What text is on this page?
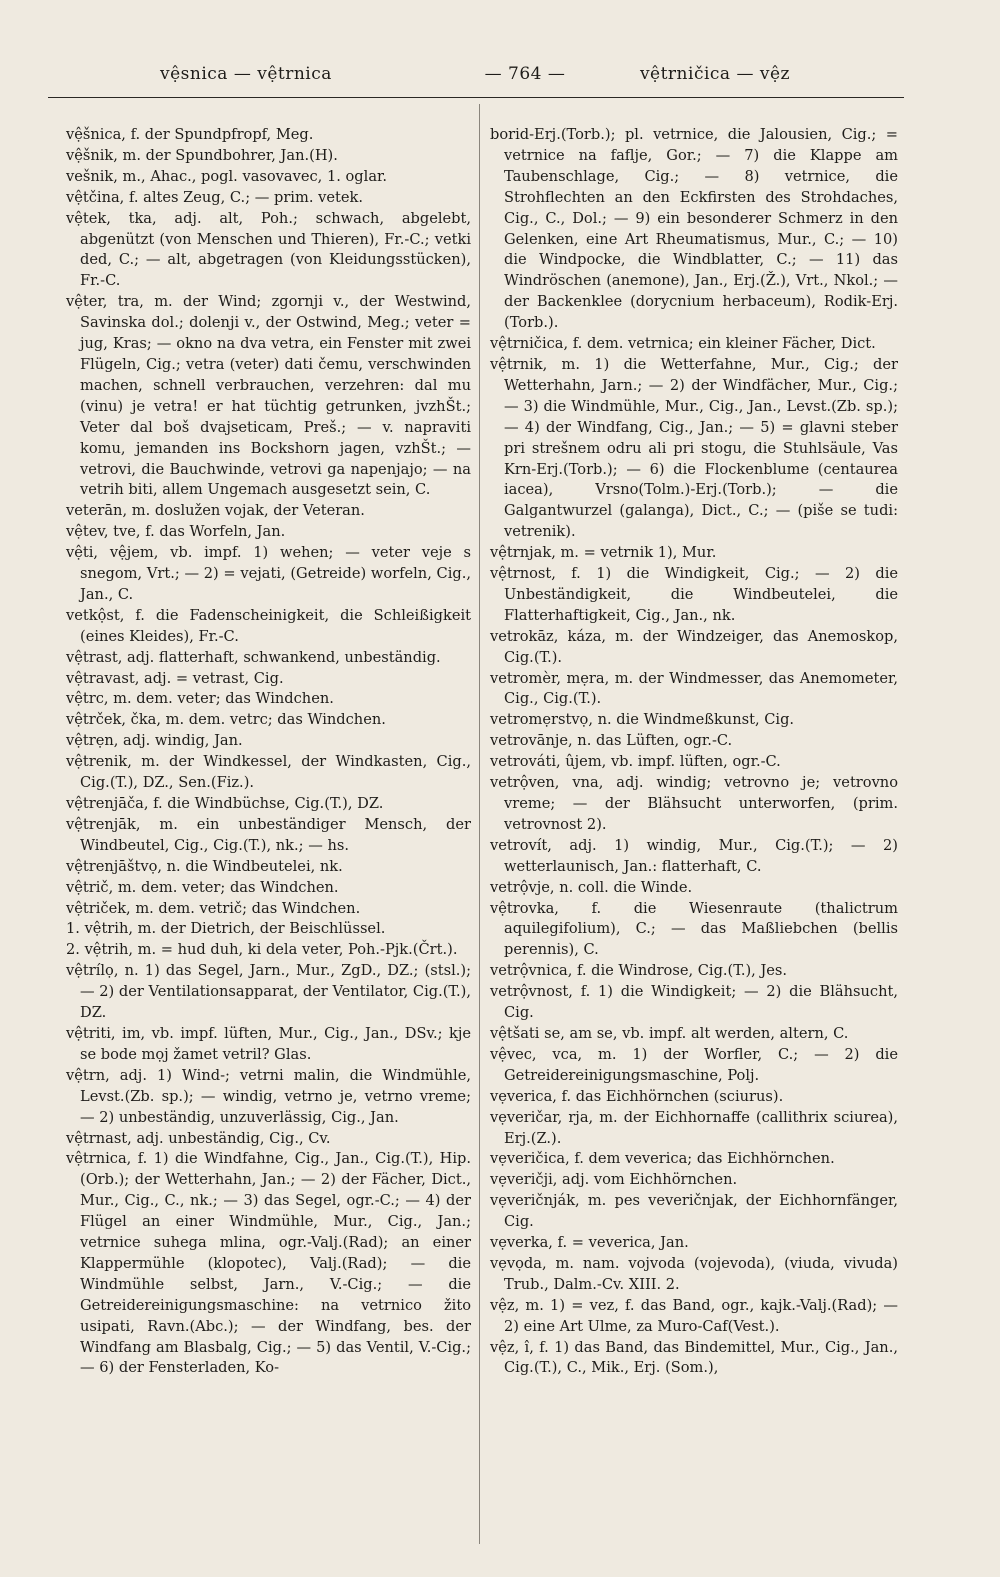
vệsnica — vệtrnica	— 764 —	vệtrničica — vệz

vệšnica, f. der Spundpfropf, Meg.

vệšnik, m. der Spundbohrer, Jan.(H).

vešnik, m., Ahac., pogl. vasovavec, 1. oglar.

vệtčina, f. altes Zeug, C.; — prim. vetek.

vệtek, tka, adj. alt, Poh.; schwach, abgelebt, abgenützt (von Menschen und Thieren), Fr.-C.; vetki ded, C.; — alt, abgetragen (von Kleidungsstücken), Fr.-C.

vệter, tra, m. der Wind; zgornji v., der Westwind, Savinska dol.; dolenji v., der Ostwind, Meg.; veter = jug, Kras; — okno na dva vetra, ein Fenster mit zwei Flügeln, Cig.; vetra (veter) dati čemu, verschwinden machen, schnell verbrauchen, verzehren: dal mu (vinu) je vetra! er hat tüchtig getrunken, jvzhŠt.; Veter dal boš dvajseticam, Preš.; — v. napraviti komu, jemanden ins Bockshorn jagen, vzhŠt.; — vetrovi, die Bauchwinde, vetrovi ga napenjajo; — na vetrih biti, allem Ungemach ausgesetzt sein, C.

veterān, m. doslužen vojak, der Veteran.

vệtev, tve, f. das Worfeln, Jan.

vệti, vệjem, vb. impf. 1) wehen; — veter veje s snegom, Vrt.; — 2) = vejati, (Getreide) worfeln, Cig., Jan., C.

vetkộst, f. die Fadenscheinigkeit, die Schleißigkeit (eines Kleides), Fr.-C.

vệtrast, adj. flatterhaft, schwankend, unbeständig.

vệtravast, adj. = vetrast, Cig.

vệtrc, m. dem. veter; das Windchen.

vệtrček, čka, m. dem. vetrc; das Windchen.

vệtrẹn, adj. windig, Jan.

vệtrenik, m. der Windkessel, der Windkasten, Cig., Cig.(T.), DZ., Sen.(Fiz.).

vệtrenjāča, f. die Windbüchse, Cig.(T.), DZ.

vệtrenjāk, m. ein unbeständiger Mensch, der Windbeutel, Cig., Cig.(T.), nk.; — hs.

vệtrenjāštvọ, n. die Windbeutelei, nk.

vệtrič, m. dem. veter; das Windchen.

vệtriček, m. dem. vetrič; das Windchen.

1. vệtrih, m. der Dietrich, der Beischlüssel.

2. vệtrih, m. = hud duh, ki dela veter, Poh.-Pjk.(Črt.).

vệtrílọ, n. 1) das Segel, Jarn., Mur., ZgD., DZ.; (stsl.); — 2) der Ventilationsapparat, der Ventilator, Cig.(T.), DZ.

vệtriti, im, vb. impf. lüften, Mur., Cig., Jan., DSv.; kje se bode mọj žamet vetril? Glas.

vệtrn, adj. 1) Wind-; vetrni malin, die Windmühle, Levst.(Zb. sp.); — windig, vetrno je, vetrno vreme; — 2) unbeständig, unzuverlässig, Cig., Jan.

vệtrnast, adj. unbeständig, Cig., Cv.

vệtrnica, f. 1) die Windfahne, Cig., Jan., Cig.(T.), Hip.(Orb.); der Wetterhahn, Jan.; — 2) der Fächer, Dict., Mur., Cig., C., nk.; — 3) das Segel, ogr.-C.; — 4) der Flügel an einer Windmühle, Mur., Cig., Jan.; vetrnice suhega mlina, ogr.-Valj.(Rad); an einer Klappermühle (klopotec), Valj.(Rad); — die Windmühle selbst, Jarn., V.-Cig.; — die Getreidereinigungsmaschine: na vetrnico žito usipati, Ravn.(Abc.); — der Windfang, bes. der Windfang am Blasbalg, Cig.; — 5) das Ventil, V.-Cig.; — 6) der Fensterladen, Ko-

borid-Erj.(Torb.); pl. vetrnice, die Jalousien, Cig.; = vetrnice na faflje, Gor.; — 7) die Klappe am Taubenschlage, Cig.; — 8) vetrnice, die Strohflechten an den Eckfirsten des Strohdaches, Cig., C., Dol.; — 9) ein besonderer Schmerz in den Gelenken, eine Art Rheumatismus, Mur., C.; — 10) die Windpocke, die Windblatter, C.; — 11) das Windröschen (anemone), Jan., Erj.(Ž.), Vrt., Nkol.; — der Backenklee (dorycnium herbaceum), Rodik-Erj.(Torb.).

vệtrničica, f. dem. vetrnica; ein kleiner Fächer, Dict.

vệtrnik, m. 1) die Wetterfahne, Mur., Cig.; der Wetterhahn, Jarn.; — 2) der Windfächer, Mur., Cig.; — 3) die Windmühle, Mur., Cig., Jan., Levst.(Zb. sp.); — 4) der Windfang, Cig., Jan.; — 5) = glavni steber pri strešnem odru ali pri stogu, die Stuhlsäule, Vas Krn-Erj.(Torb.); — 6) die Flockenblume (centaurea iacea), Vrsno(Tolm.)-Erj.(Torb.); — die Galgantwurzel (galanga), Dict., C.; — (piše se tudi: vetrenik).

vệtrnjak, m. = vetrnik 1), Mur.

vệtrnost, f. 1) die Windigkeit, Cig.; — 2) die Unbeständigkeit, die Windbeutelei, die Flatterhaftigkeit, Cig., Jan., nk.

vetrokāz, káza, m. der Windzeiger, das Anemoskop, Cig.(T.).

vetromèr, mẹra, m. der Windmesser, das Anemometer, Cig., Cig.(T.).

vetromẹrstvọ, n. die Windmeßkunst, Cig.

vetrovānje, n. das Lüften, ogr.-C.

vetrováti, ûjem, vb. impf. lüften, ogr.-C.

vetrộven, vna, adj. windig; vetrovno je; vetrovno vreme; — der Blähsucht unterworfen, (prim. vetrovnost 2).

vetrovít, adj. 1) windig, Mur., Cig.(T.); — 2) wetterlaunisch, Jan.: flatterhaft, C.

vetrộvje, n. coll. die Winde.

vệtrovka, f. die Wiesenraute (thalictrum aquilegifolium), C.; — das Maßliebchen (bellis perennis), C.

vetrộvnica, f. die Windrose, Cig.(T.), Jes.

vetrộvnost, f. 1) die Windigkeit; — 2) die Blähsucht, Cig.

vệtšati se, am se, vb. impf. alt werden, altern, C.

vệvec, vca, m. 1) der Worfler, C.; — 2) die Getreidereinigungsmaschine, Polj.

vẹverica, f. das Eichhörnchen (sciurus).

vẹveričar, rja, m. der Eichhornaffe (callithrix sciurea), Erj.(Z.).

vẹveričica, f. dem veverica; das Eichhörnchen.

vẹveričji, adj. vom Eichhörnchen.

vẹveričnják, m. pes veveričnjak, der Eichhornfänger, Cig.

vẹverka, f. = veverica, Jan.

vẹvọda, m. nam. vojvoda (vojevoda), (viuda, vivuda) Trub., Dalm.-Cv. XIII. 2.

vệz, m. 1) = vez, f. das Band, ogr., kajk.-Valj.(Rad); — 2) eine Art Ulme, za Muro-Caf(Vest.).

vệz, î, f. 1) das Band, das Bindemittel, Mur., Cig., Jan., Cig.(T.), C., Mik., Erj. (Som.),
